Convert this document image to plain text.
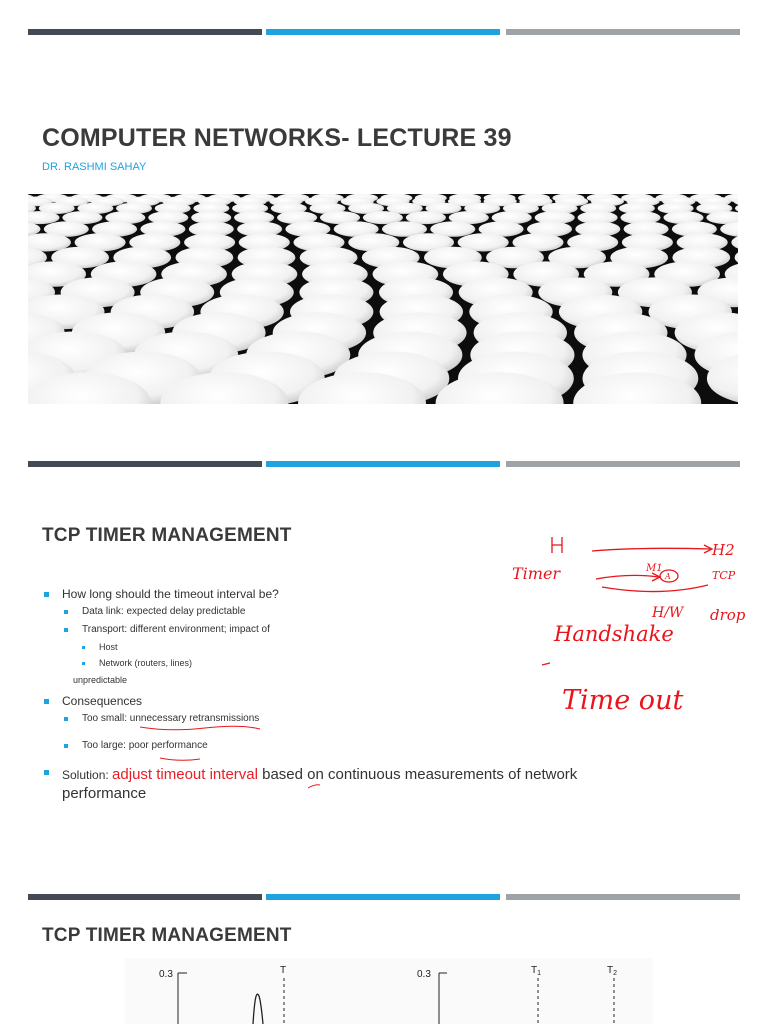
COMPUTER NETWORKS- LECTURE 39
DR. RASHMI SAHAY
TCP TIMER MANAGEMENT
How long should the timeout interval be?
Data link: expected delay predictable
Transport: different environment; impact of
Host
Network (routers, lines)
unpredictable
Consequences
Too small: unnecessary retransmissions
Too large: poor performance
Solution: adjust timeout interval based on continuous measurements of network performance
H2
Timer	TCP
M1
A
H/W drop
Handshake
Time out
TCP TIMER MANAGEMENT
0.3	T	0.3	$T_1$	$T_2$
